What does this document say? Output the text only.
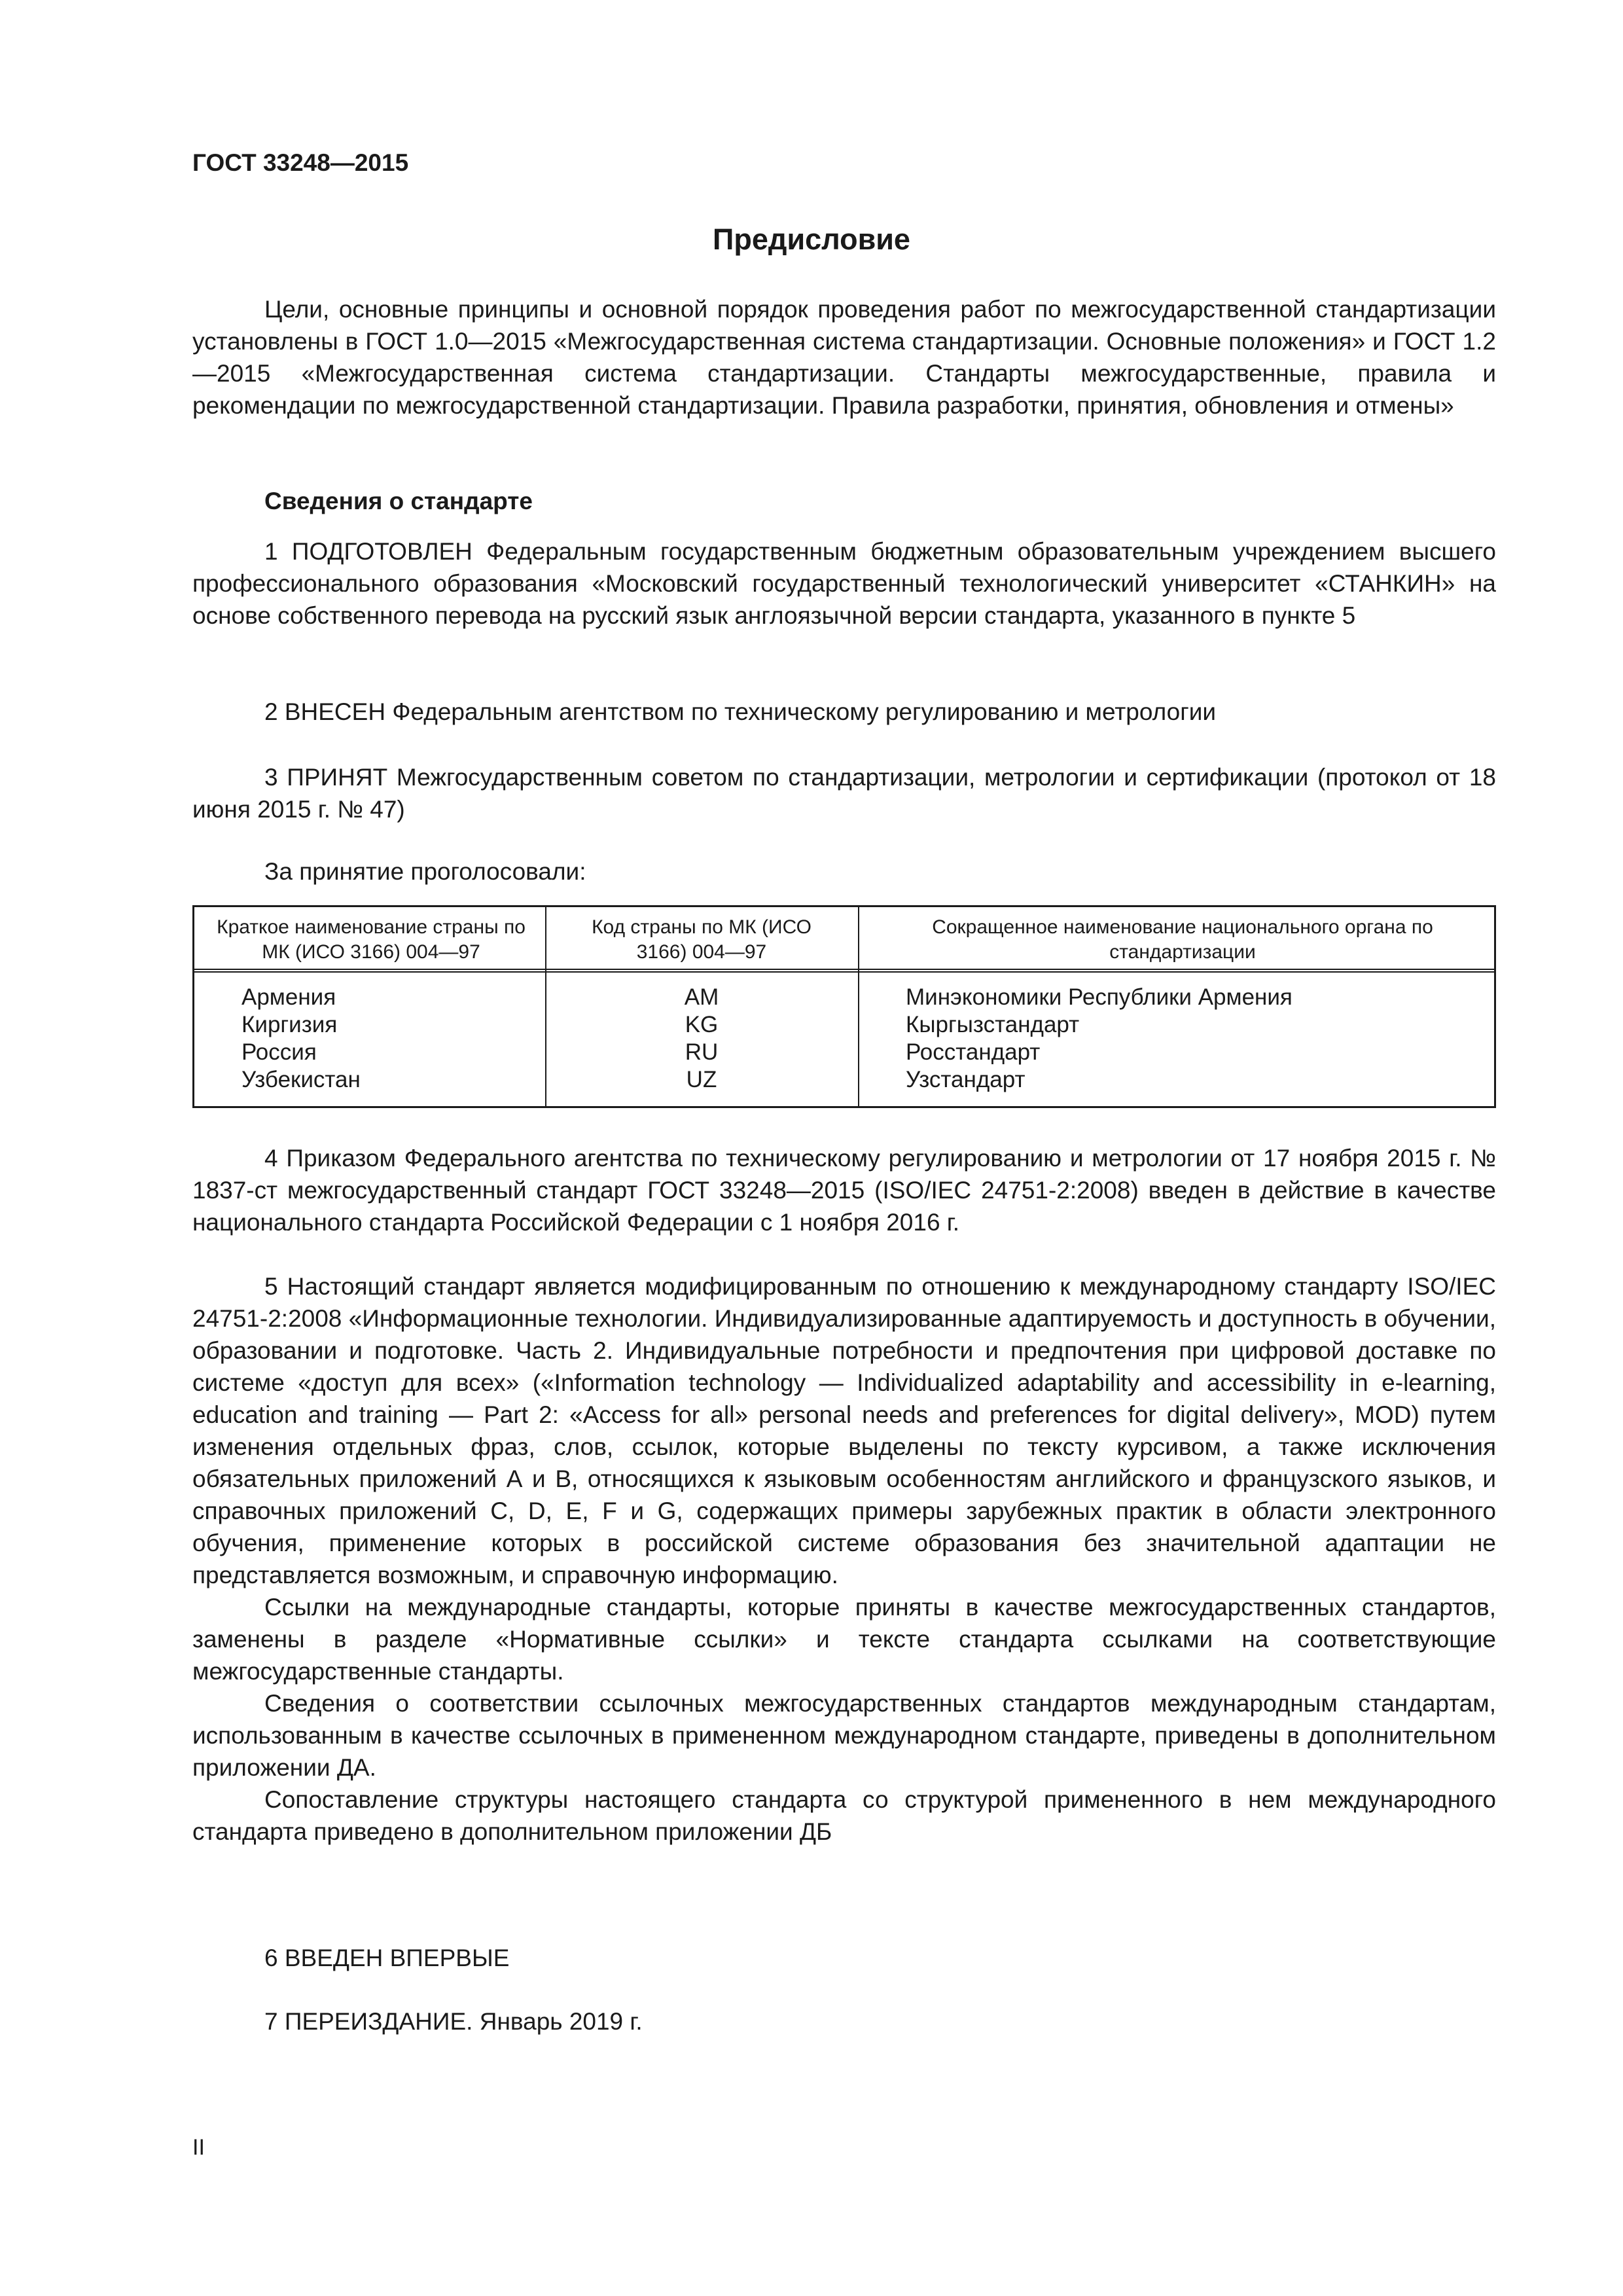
ГОСТ 33248—2015
Предисловие
Цели, основные принципы и основной порядок проведения работ по межгосударственной стандартизации установлены в ГОСТ 1.0—2015 «Межгосударственная система стандартизации. Основные положения» и ГОСТ 1.2—2015 «Межгосударственная система стандартизации. Стандарты межгосударственные, правила и рекомендации по межгосударственной стандартизации. Правила разработки, принятия, обновления и отмены»
Сведения о стандарте
1 ПОДГОТОВЛЕН Федеральным государственным бюджетным образовательным учреждением высшего профессионального образования «Московский государственный технологический университет «СТАНКИН» на основе собственного перевода на русский язык англоязычной версии стандарта, указанного в пункте 5
2 ВНЕСЕН Федеральным агентством по техническому регулированию и метрологии
3 ПРИНЯТ Межгосударственным советом по стандартизации, метрологии и сертификации (протокол от 18 июня 2015 г. № 47)
За принятие проголосовали:
Краткое наименование страны по МК (ИСО 3166) 004—97
Код страны по МК (ИСО 3166) 004—97
Сокращенное наименование национального органа по стандартизации
Армения
Киргизия
Россия
Узбекистан
AM
KG
RU
UZ
Минэкономики Республики Армения
Кыргызстандарт
Росстандарт
Узстандарт
4 Приказом Федерального агентства по техническому регулированию и метрологии от 17 ноября 2015 г. № 1837-ст межгосударственный стандарт ГОСТ 33248—2015 (ISO/IEC 24751-2:2008) введен в действие в качестве национального стандарта Российской Федерации с 1 ноября 2016 г.
5 Настоящий стандарт является модифицированным по отношению к международному стандарту ISO/IEC 24751-2:2008 «Информационные технологии. Индивидуализированные адаптируемость и доступность в обучении, образовании и подготовке. Часть 2. Индивидуальные потребности и предпочтения при цифровой доставке по системе «доступ для всех» («Information technology — Individualized adaptability and accessibility in e-learning, education and training — Part 2: «Access for all» personal needs and preferences for digital delivery», MOD) путем изменения отдельных фраз, слов, ссылок, которые выделены по тексту курсивом, а также исключения обязательных приложений А и В, относящихся к языковым особенностям английского и французского языков, и справочных приложений С, D, Е, F и G, содержащих примеры зарубежных практик в области электронного обучения, применение которых в российской системе образования без значительной адаптации не представляется возможным, и справочную информацию.
Ссылки на международные стандарты, которые приняты в качестве межгосударственных стандартов, заменены в разделе «Нормативные ссылки» и тексте стандарта ссылками на соответствующие межгосударственные стандарты.
Сведения о соответствии ссылочных межгосударственных стандартов международным стандартам, использованным в качестве ссылочных в примененном международном стандарте, приведены в дополнительном приложении ДА.
Сопоставление структуры настоящего стандарта со структурой примененного в нем международного стандарта приведено в дополнительном приложении ДБ
6 ВВЕДЕН ВПЕРВЫЕ
7 ПЕРЕИЗДАНИЕ. Январь 2019 г.
II
